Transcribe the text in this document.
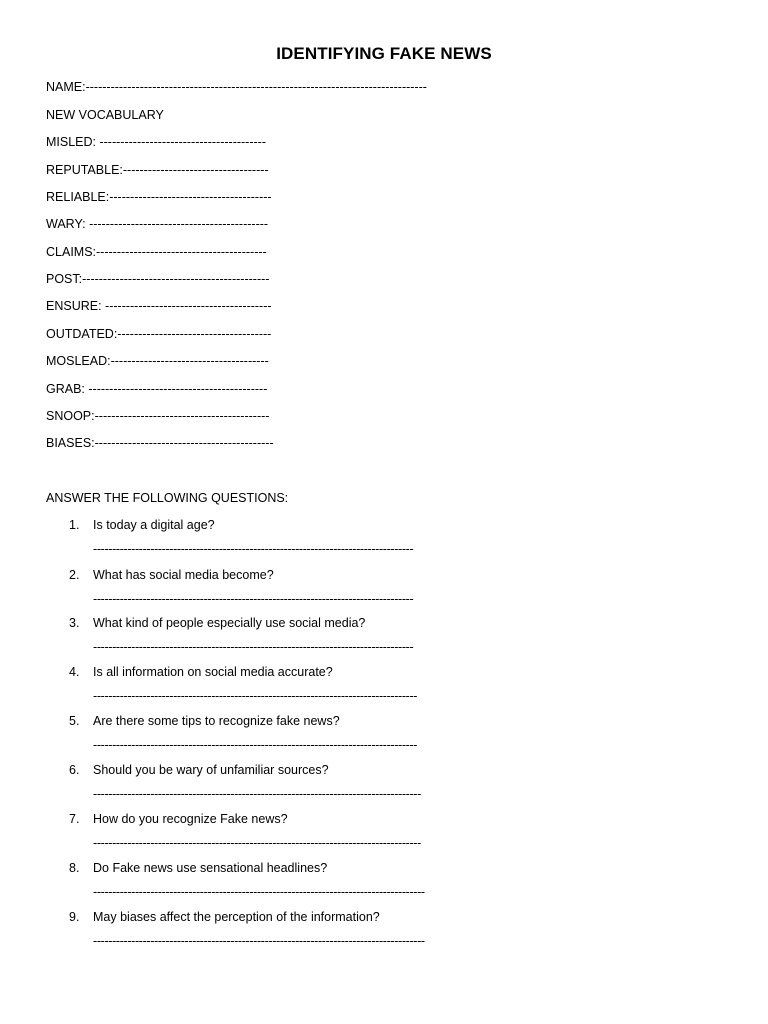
IDENTIFYING FAKE NEWS
NAME:----------------------------------------------------------------------------------
NEW VOCABULARY
MISLED: ----------------------------------------
REPUTABLE:-----------------------------------
RELIABLE:---------------------------------------
WARY: -------------------------------------------
CLAIMS:-----------------------------------------
POST:---------------------------------------------
ENSURE: ----------------------------------------
OUTDATED:-------------------------------------
MOSLEAD:--------------------------------------
GRAB: -------------------------------------------
SNOOP:------------------------------------------
BIASES:-------------------------------------------
ANSWER THE FOLLOWING QUESTIONS:
1. Is today a digital age?
------------------------------------------------------------------------------------
2. What has social media become?
------------------------------------------------------------------------------------
3. What kind of people especially use social media?
------------------------------------------------------------------------------------
4. Is all information on social media accurate?
-------------------------------------------------------------------------------------
5. Are there some tips to recognize fake news?
-------------------------------------------------------------------------------------
6. Should you be wary of unfamiliar sources?
--------------------------------------------------------------------------------------
7. How do you recognize Fake news?
--------------------------------------------------------------------------------------
8. Do Fake news use sensational headlines?
---------------------------------------------------------------------------------------
9. May biases affect the perception of the information?
---------------------------------------------------------------------------------------
